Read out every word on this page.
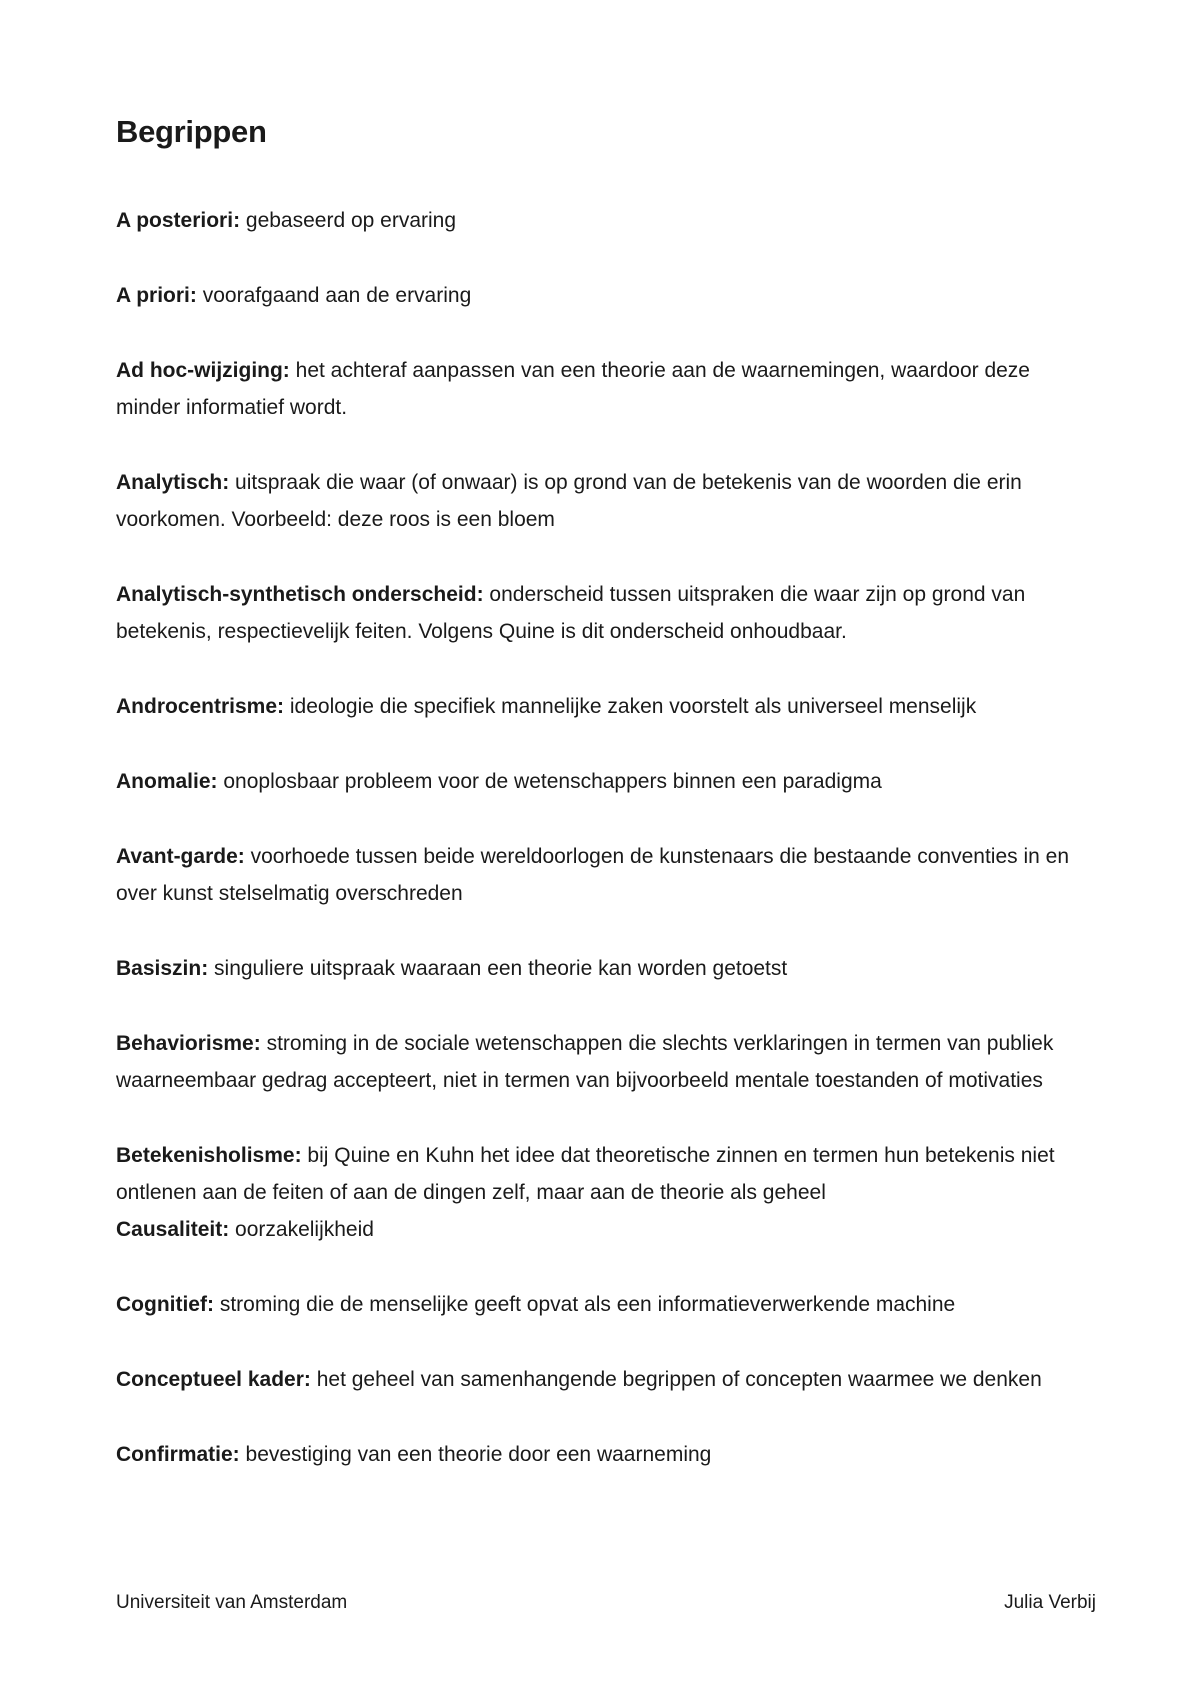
Begrippen

A posteriori: gebaseerd op ervaring

A priori: voorafgaand aan de ervaring

Ad hoc-wijziging: het achteraf aanpassen van een theorie aan de waarnemingen, waardoor deze minder informatief wordt.

Analytisch: uitspraak die waar (of onwaar) is op grond van de betekenis van de woorden die erin voorkomen. Voorbeeld: deze roos is een bloem

Analytisch-synthetisch onderscheid: onderscheid tussen uitspraken die waar zijn op grond van betekenis, respectievelijk feiten. Volgens Quine is dit onderscheid onhoudbaar.

Androcentrisme: ideologie die specifiek mannelijke zaken voorstelt als universeel menselijk

Anomalie: onoplosbaar probleem voor de wetenschappers binnen een paradigma

Avant-garde: voorhoede tussen beide wereldoorlogen de kunstenaars die bestaande conventies in en over kunst stelselmatig overschreden

Basiszin: singuliere uitspraak waaraan een theorie kan worden getoetst

Behaviorisme: stroming in de sociale wetenschappen die slechts verklaringen in termen van publiek waarneembaar gedrag accepteert, niet in termen van bijvoorbeeld mentale toestanden of motivaties

Betekenisholisme: bij Quine en Kuhn het idee dat theoretische zinnen en termen hun betekenis niet ontlenen aan de feiten of aan de dingen zelf, maar aan de theorie als geheel

Causaliteit: oorzakelijkheid

Cognitief: stroming die de menselijke geeft opvat als een informatieverwerkende machine

Conceptueel kader: het geheel van samenhangende begrippen of concepten waarmee we denken

Confirmatie: bevestiging van een theorie door een waarneming

Universiteit van Amsterdam	Julia Verbij
